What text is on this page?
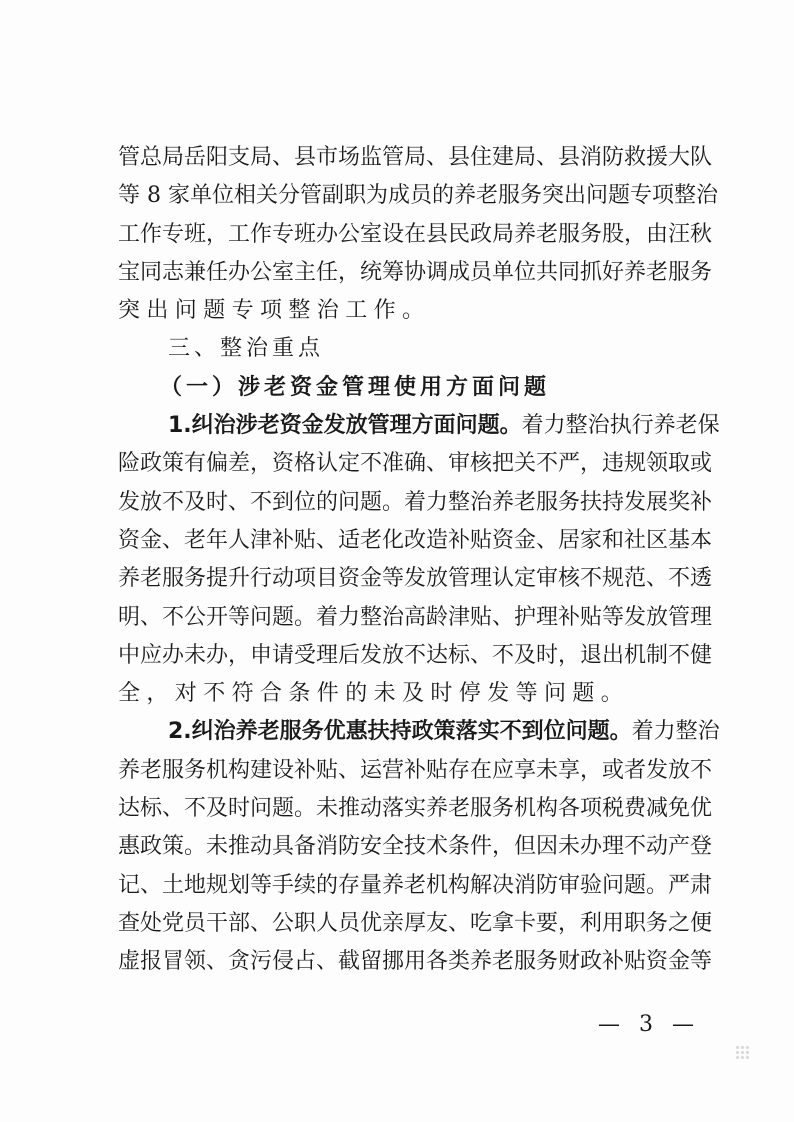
管总局岳阳支局、县市场监管局、县住建局、县消防救援大队
等 8 家单位相关分管副职为成员的养老服务突出问题专项整治
工作专班，工作专班办公室设在县民政局养老服务股，由汪秋
宝同志兼任办公室主任，统筹协调成员单位共同抓好养老服务
突出问题专项整治工作。
三、整治重点
（一）涉老资金管理使用方面问题
1.纠治涉老资金发放管理方面问题。着力整治执行养老保
险政策有偏差，资格认定不准确、审核把关不严，违规领取或
发放不及时、不到位的问题。着力整治养老服务扶持发展奖补
资金、老年人津补贴、适老化改造补贴资金、居家和社区基本
养老服务提升行动项目资金等发放管理认定审核不规范、不透
明、不公开等问题。着力整治高龄津贴、护理补贴等发放管理
中应办未办，申请受理后发放不达标、不及时，退出机制不健
全，对不符合条件的未及时停发等问题。
2.纠治养老服务优惠扶持政策落实不到位问题。着力整治
养老服务机构建设补贴、运营补贴存在应享未享，或者发放不
达标、不及时问题。未推动落实养老服务机构各项税费减免优
惠政策。未推动具备消防安全技术条件，但因未办理不动产登
记、土地规划等手续的存量养老机构解决消防审验问题。严肃
查处党员干部、公职人员优亲厚友、吃拿卡要，利用职务之便
虚报冒领、贪污侵占、截留挪用各类养老服务财政补贴资金等
— 3 —
